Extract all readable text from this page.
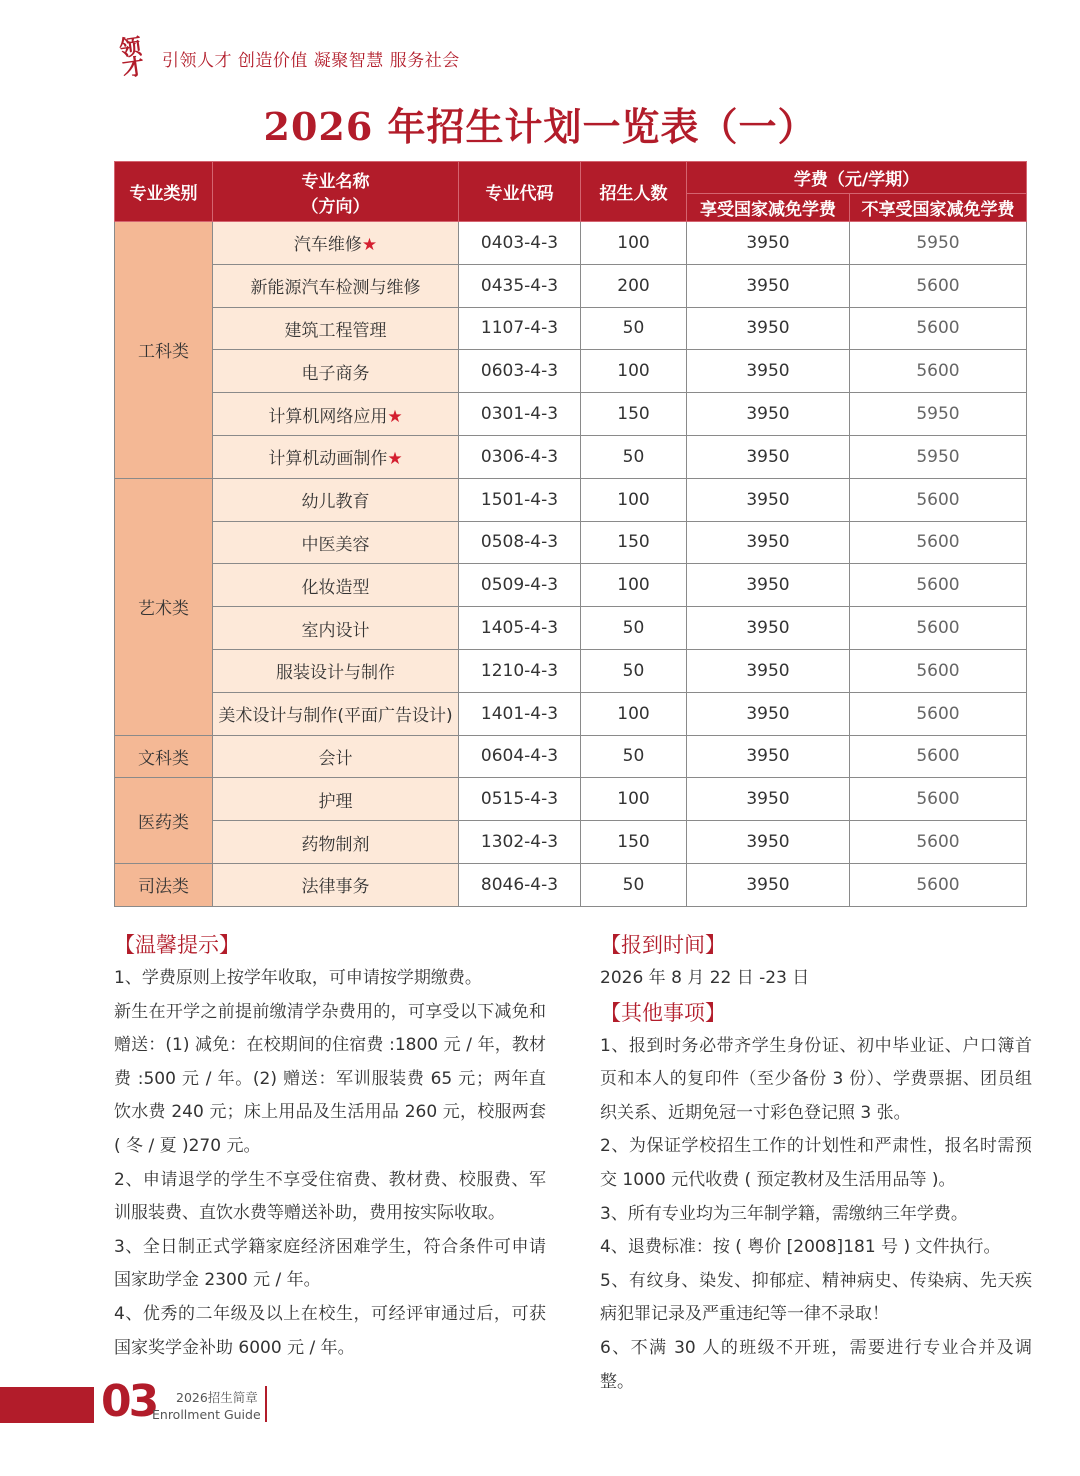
领才 引领人才 创造价值 凝聚智慧 服务社会
2026 年招生计划一览表（一）
专业类别	专业名称
（方向）	专业代码	招生人数	学费（元/学期）	
				享受国家减免学费	不享受国家减免学费
工科类	汽车维修★	0403-4-3	100	3950	5950
	新能源汽车检测与维修	0435-4-3	200	3950	5600
	建筑工程管理	1107-4-3	50	3950	5600
	电子商务	0603-4-3	100	3950	5600
	计算机网络应用★	0301-4-3	150	3950	5950
	计算机动画制作★	0306-4-3	50	3950	5950
艺术类	幼儿教育	1501-4-3	100	3950	5600
	中医美容	0508-4-3	150	3950	5600
	化妆造型	0509-4-3	100	3950	5600
	室内设计	1405-4-3	50	3950	5600
	服装设计与制作	1210-4-3	50	3950	5600
	美术设计与制作(平面广告设计)	1401-4-3	100	3950	5600
文科类	会计	0604-4-3	50	3950	5600
医药类	护理	0515-4-3	100	3950	5600
	药物制剂	1302-4-3	150	3950	5600
司法类	法律事务	8046-4-3	50	3950	5600
【温馨提示】
1、学费原则上按学年收取，可申请按学期缴费。
新生在开学之前提前缴清学杂费用的，可享受以下减免和赠送：(1) 减免：在校期间的住宿费 :1800 元 / 年，教材费 :500 元 / 年。(2) 赠送：军训服装费 65 元；两年直饮水费 240 元；床上用品及生活用品 260 元，校服两套 ( 冬 / 夏 )270 元。
2、申请退学的学生不享受住宿费、教材费、校服费、军训服装费、直饮水费等赠送补助，费用按实际收取。
3、全日制正式学籍家庭经济困难学生，符合条件可申请国家助学金 2300 元 / 年。
4、优秀的二年级及以上在校生，可经评审通过后，可获国家奖学金补助 6000 元 / 年。
【报到时间】
2026 年 8 月 22 日 -23 日
【其他事项】
1、报到时务必带齐学生身份证、初中毕业证、户口簿首页和本人的复印件（至少备份 3 份）、学费票据、团员组织关系、近期免冠一寸彩色登记照 3 张。
2、为保证学校招生工作的计划性和严肃性，报名时需预交 1000 元代收费 ( 预定教材及生活用品等 )。
3、所有专业均为三年制学籍，需缴纳三年学费。
4、退费标准：按 ( 粤价 [2008]181 号 ) 文件执行。
5、有纹身、染发、抑郁症、精神病史、传染病、先天疾病犯罪记录及严重违纪等一律不录取！
6、不满 30 人的班级不开班，需要进行专业合并及调整。
03	2026招生简章
Enrollment Guide
